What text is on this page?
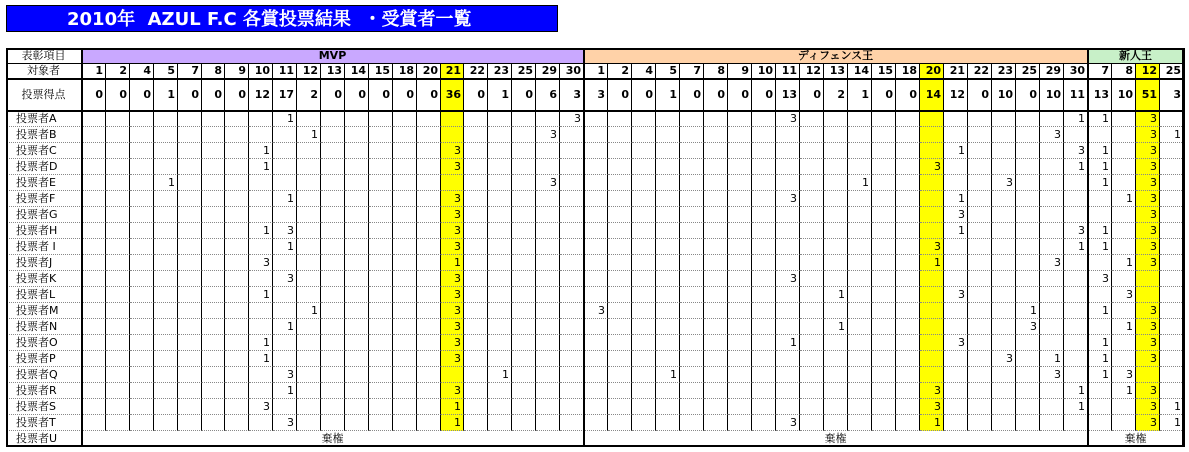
2010年  AZUL F.C 各賞投票結果  ・受賞者一覧
表彰項目
対象者
投票得点
投票者A
投票者B
投票者C
投票者D
投票者E
投票者F
投票者G
投票者H
投票者 I
投票者J
投票者K
投票者L
投票者M
投票者N
投票者O
投票者P
投票者Q
投票者R
投票者S
投票者T
投票者U
MVP
1
0
2
0
4
0
5
1
1
7
0
8
0
9
0
10
12
1
1
1
3
1
1
1
3
11
17
1
1
3
1
3
1
3
1
3
12
2
1
1
13
0
14
0
15
0
18
0
20
0
21
36
3
3
3
3
3
3
1
3
3
3
3
3
3
3
1
1
22
0
23
1
1
25
0
29
6
3
3
30
3
3
棄権
ディフェンス王
1
3
3
2
0
4
0
5
1
1
7
0
8
0
9
0
10
0
11
13
3
3
3
1
3
12
0
13
2
1
1
14
1
1
15
0
18
0
20
14
3
3
1
3
3
1
21
12
1
1
3
1
3
3
22
0
23
10
3
3
25
0
1
3
29
10
3
3
1
3
30
11
1
3
1
3
1
1
1
棄権
新人王
7
13
1
1
1
1
1
1
3
1
1
1
1
8
10
1
1
3
1
3
1
12
51
3
3
3
3
3
3
3
3
3
3
3
3
3
3
3
3
3
25
3
1
1
1
棄権
